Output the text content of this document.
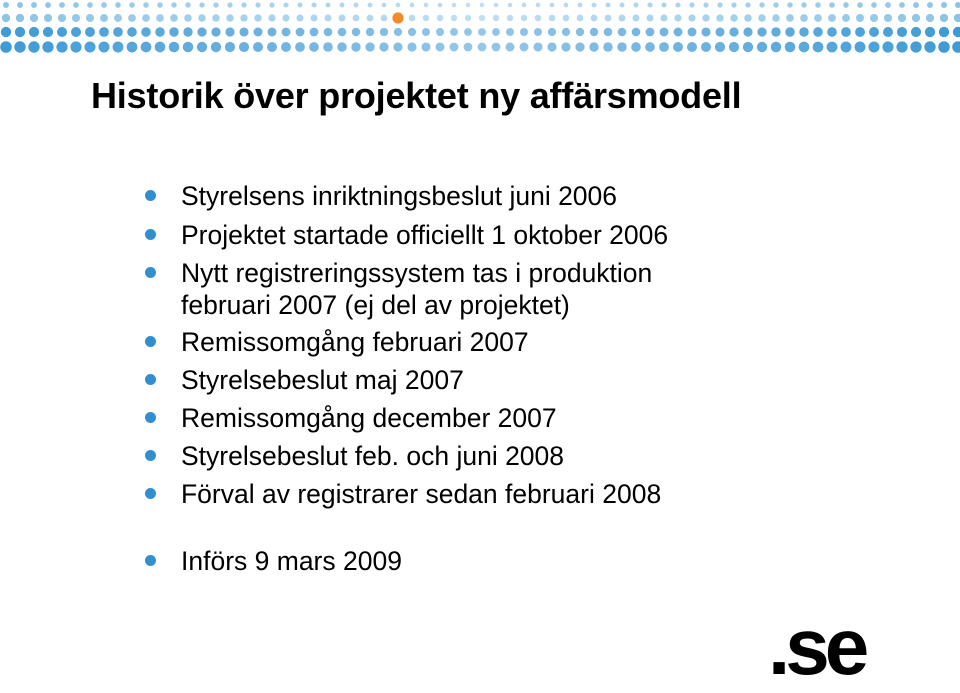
Historik över projektet ny affärsmodell
Styrelsens inriktningsbeslut juni 2006
Projektet startade officiellt 1 oktober 2006
Nytt registreringssystem tas i produktion
februari 2007 (ej del av projektet)
Remissomgång februari 2007
Styrelsebeslut maj 2007
Remissomgång december 2007
Styrelsebeslut feb. och juni 2008
Förval av registrarer sedan februari 2008
Införs 9 mars 2009
.se
